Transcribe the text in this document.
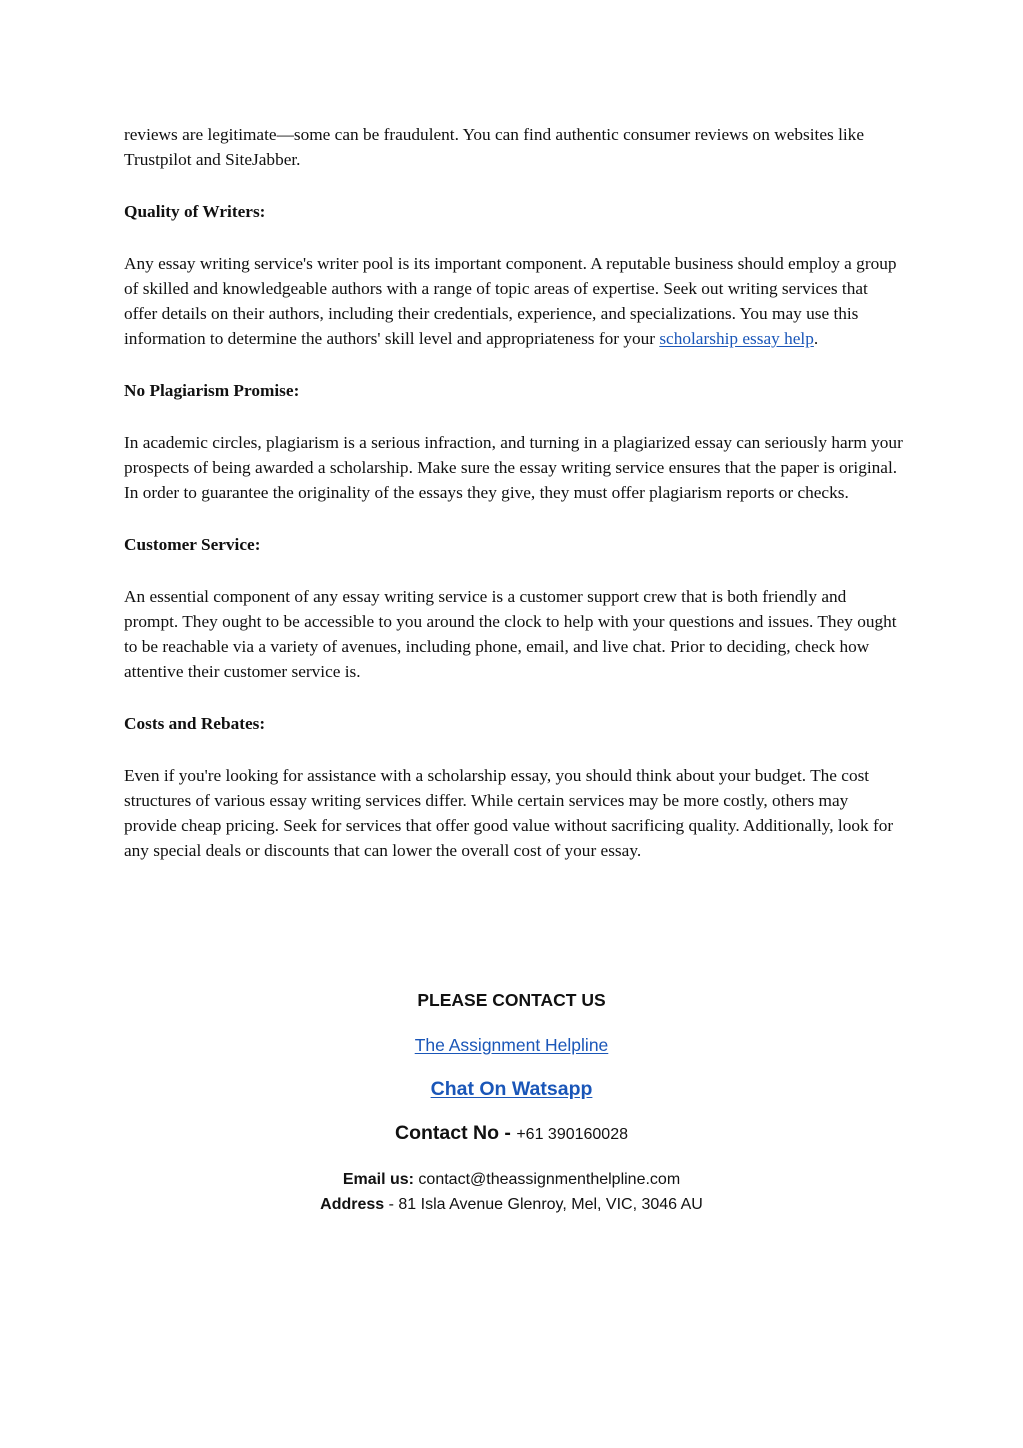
reviews are legitimate—some can be fraudulent. You can find authentic consumer reviews on websites like Trustpilot and SiteJabber.

Quality of Writers:

Any essay writing service's writer pool is its important component. A reputable business should employ a group of skilled and knowledgeable authors with a range of topic areas of expertise. Seek out writing services that offer details on their authors, including their credentials, experience, and specializations. You may use this information to determine the authors' skill level and appropriateness for your scholarship essay help.

No Plagiarism Promise:

In academic circles, plagiarism is a serious infraction, and turning in a plagiarized essay can seriously harm your prospects of being awarded a scholarship. Make sure the essay writing service ensures that the paper is original. In order to guarantee the originality of the essays they give, they must offer plagiarism reports or checks.

Customer Service:

An essential component of any essay writing service is a customer support crew that is both friendly and prompt. They ought to be accessible to you around the clock to help with your questions and issues. They ought to be reachable via a variety of avenues, including phone, email, and live chat. Prior to deciding, check how attentive their customer service is.

Costs and Rebates:

Even if you're looking for assistance with a scholarship essay, you should think about your budget. The cost structures of various essay writing services differ. While certain services may be more costly, others may provide cheap pricing. Seek for services that offer good value without sacrificing quality. Additionally, look for any special deals or discounts that can lower the overall cost of your essay.

PLEASE CONTACT US

The Assignment Helpline

Chat On Watsapp

Contact No - +61 390160028

Email us: contact@theassignmenthelpline.com

Address - 81 Isla Avenue Glenroy, Mel, VIC, 3046 AU
